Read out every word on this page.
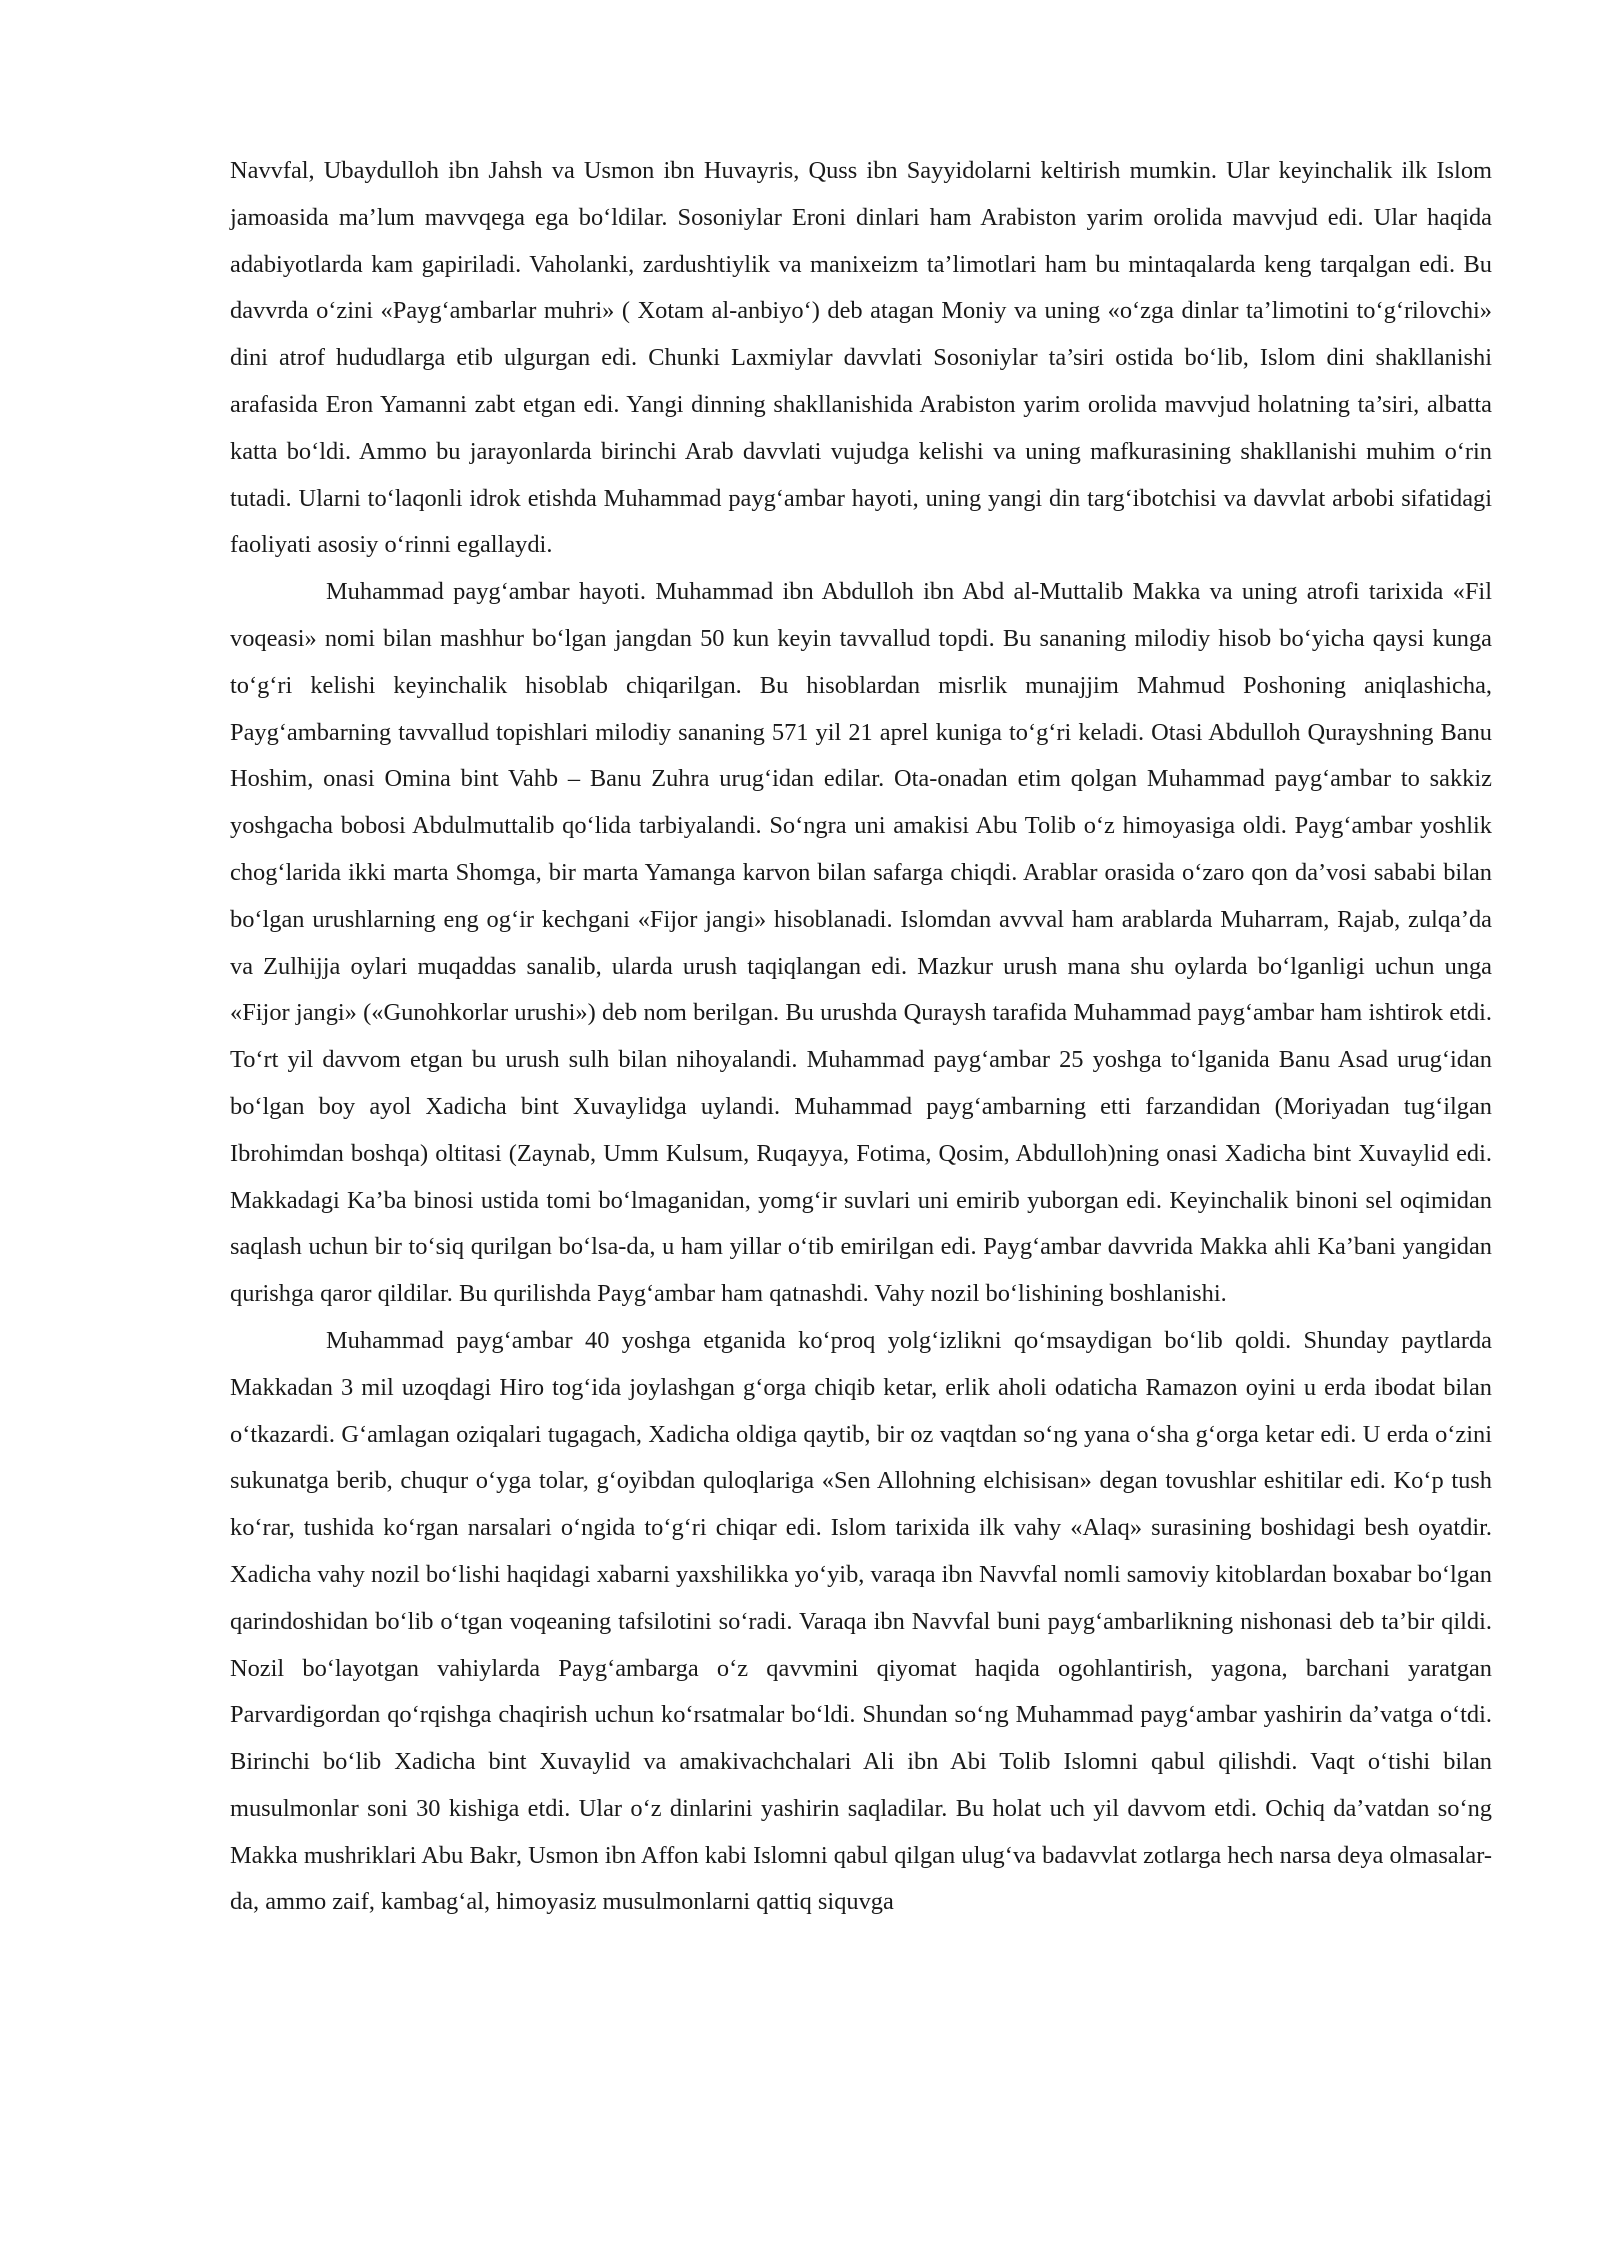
Navvfal, Ubaydulloh ibn Jahsh va Usmon ibn Huvayris, Quss ibn Sayyidolarni keltirish mumkin. Ular keyinchalik ilk Islom jamoasida ma’lum mavvqega ega bo‘ldilar. Sosoniylar Eroni dinlari ham Arabiston yarim orolida mavvjud edi. Ular haqida adabiyotlarda kam gapiriladi. Vaholanki, zardushtiylik va manixeizm ta’limotlari ham bu mintaqalarda keng tarqalgan edi. Bu davvrda o‘zini «Payg‘ambarlar muhri» ( Xotam al-anbiyo‘) deb atagan Moniy va uning «o‘zga dinlar ta’limotini to‘g‘rilovchi» dini atrof hududlarga etib ulgurgan edi. Chunki Laxmiylar davvlati Sosoniylar ta’siri ostida bo‘lib, Islom dini shakllanishi arafasida Eron Yamanni zabt etgan edi. Yangi dinning shakllanishida Arabiston yarim orolida mavvjud holatning ta’siri, albatta katta bo‘ldi. Ammo bu jarayonlarda birinchi Arab davvlati vujudga kelishi va uning mafkurasining shakllanishi muhim o‘rin tutadi. Ularni to‘laqonli idrok etishda Muhammad payg‘ambar hayoti, uning yangi din targ‘ibotchisi va davvlat arbobi sifatidagi faoliyati asosiy o‘rinni egallaydi.

Muhammad payg‘ambar hayoti. Muhammad ibn Abdulloh ibn Abd al-Muttalib Makka va uning atrofi tarixida «Fil voqeasi» nomi bilan mashhur bo‘lgan jangdan 50 kun keyin tavvallud topdi. Bu sananing milodiy hisob bo‘yicha qaysi kunga to‘g‘ri kelishi keyinchalik hisoblab chiqarilgan. Bu hisoblardan misrlik munajjim Mahmud Poshoning aniqlashicha, Payg‘ambarning tavvallud topishlari milodiy sananing 571 yil 21 aprel kuniga to‘g‘ri keladi. Otasi Abdulloh Qurayshning Banu Hoshim, onasi Omina bint Vahb – Banu Zuhra urug‘idan edilar. Ota-onadan etim qolgan Muhammad payg‘ambar to sakkiz yoshgacha bobosi Abdulmuttalib qo‘lida tarbiyalandi. So‘ngra uni amakisi Abu Tolib o‘z himoyasiga oldi. Payg‘ambar yoshlik chog‘larida ikki marta Shomga, bir marta Yamanga karvon bilan safarga chiqdi. Arablar orasida o‘zaro qon da’vosi sababi bilan bo‘lgan urushlarning eng og‘ir kechgani «Fijor jangi» hisoblanadi. Islomdan avvval ham arablarda Muharram, Rajab, zulqa’da va Zulhijja oylari muqaddas sanalib, ularda urush taqiqlangan edi. Mazkur urush mana shu oylarda bo‘lganligi uchun unga «Fijor jangi» («Gunohkorlar urushi») deb nom berilgan. Bu urushda Quraysh tarafida Muhammad payg‘ambar ham ishtirok etdi. To‘rt yil davvom etgan bu urush sulh bilan nihoyalandi. Muhammad payg‘ambar 25 yoshga to‘lganida Banu Asad urug‘idan bo‘lgan boy ayol Xadicha bint Xuvaylidga uylandi. Muhammad payg‘ambarning etti farzandidan (Moriyadan tug‘ilgan Ibrohimdan boshqa) oltitasi (Zaynab, Umm Kulsum, Ruqayya, Fotima, Qosim, Abdulloh)ning onasi Xadicha bint Xuvaylid edi. Makkadagi Ka’ba binosi ustida tomi bo‘lmaganidan, yomg‘ir suvlari uni emirib yuborgan edi. Keyinchalik binoni sel oqimidan saqlash uchun bir to‘siq qurilgan bo‘lsa-da, u ham yillar o‘tib emirilgan edi. Payg‘ambar davvrida Makka ahli Ka’bani yangidan qurishga qaror qildilar. Bu qurilishda Payg‘ambar ham qatnashdi. Vahy nozil bo‘lishining boshlanishi.

Muhammad payg‘ambar 40 yoshga etganida ko‘proq yolg‘izlikni qo‘msaydigan bo‘lib qoldi. Shunday paytlarda Makkadan 3 mil uzoqdagi Hiro tog‘ida joylashgan g‘orga chiqib ketar, erlik aholi odaticha Ramazon oyini u erda ibodat bilan o‘tkazardi. G‘amlagan oziqalari tugagach, Xadicha oldiga qaytib, bir oz vaqtdan so‘ng yana o‘sha g‘orga ketar edi. U erda o‘zini sukunatga berib, chuqur o‘yga tolar, g‘oyibdan quloqlariga «Sen Allohning elchisisan» degan tovushlar eshitilar edi. Ko‘p tush ko‘rar, tushida ko‘rgan narsalari o‘ngida to‘g‘ri chiqar edi. Islom tarixida ilk vahy «Alaq» surasining boshidagi besh oyatdir. Xadicha vahy nozil bo‘lishi haqidagi xabarni yaxshilikka yo‘yib, varaqa ibn Navvfal nomli samoviy kitoblardan boxabar bo‘lgan qarindoshidan bo‘lib o‘tgan voqeaning tafsilotini so‘radi. Varaqa ibn Navvfal buni payg‘ambarlikning nishonasi deb ta’bir qildi. Nozil bo‘layotgan vahiylarda Payg‘ambarga o‘z qavvmini qiyomat haqida ogohlantirish, yagona, barchani yaratgan Parvardigordan qo‘rqishga chaqirish uchun ko‘rsatmalar bo‘ldi. Shundan so‘ng Muhammad payg‘ambar yashirin da’vatga o‘tdi. Birinchi bo‘lib Xadicha bint Xuvaylid va amakivachchalari Ali ibn Abi Tolib Islomni qabul qilishdi. Vaqt o‘tishi bilan musulmonlar soni 30 kishiga etdi. Ular o‘z dinlarini yashirin saqladilar. Bu holat uch yil davvom etdi. Ochiq da’vatdan so‘ng Makka mushriklari Abu Bakr, Usmon ibn Affon kabi Islomni qabul qilgan ulug‘va badavvlat zotlarga hech narsa deya olmasalar-da, ammo zaif, kambag‘al, himoyasiz musulmonlarni qattiq siquvga
